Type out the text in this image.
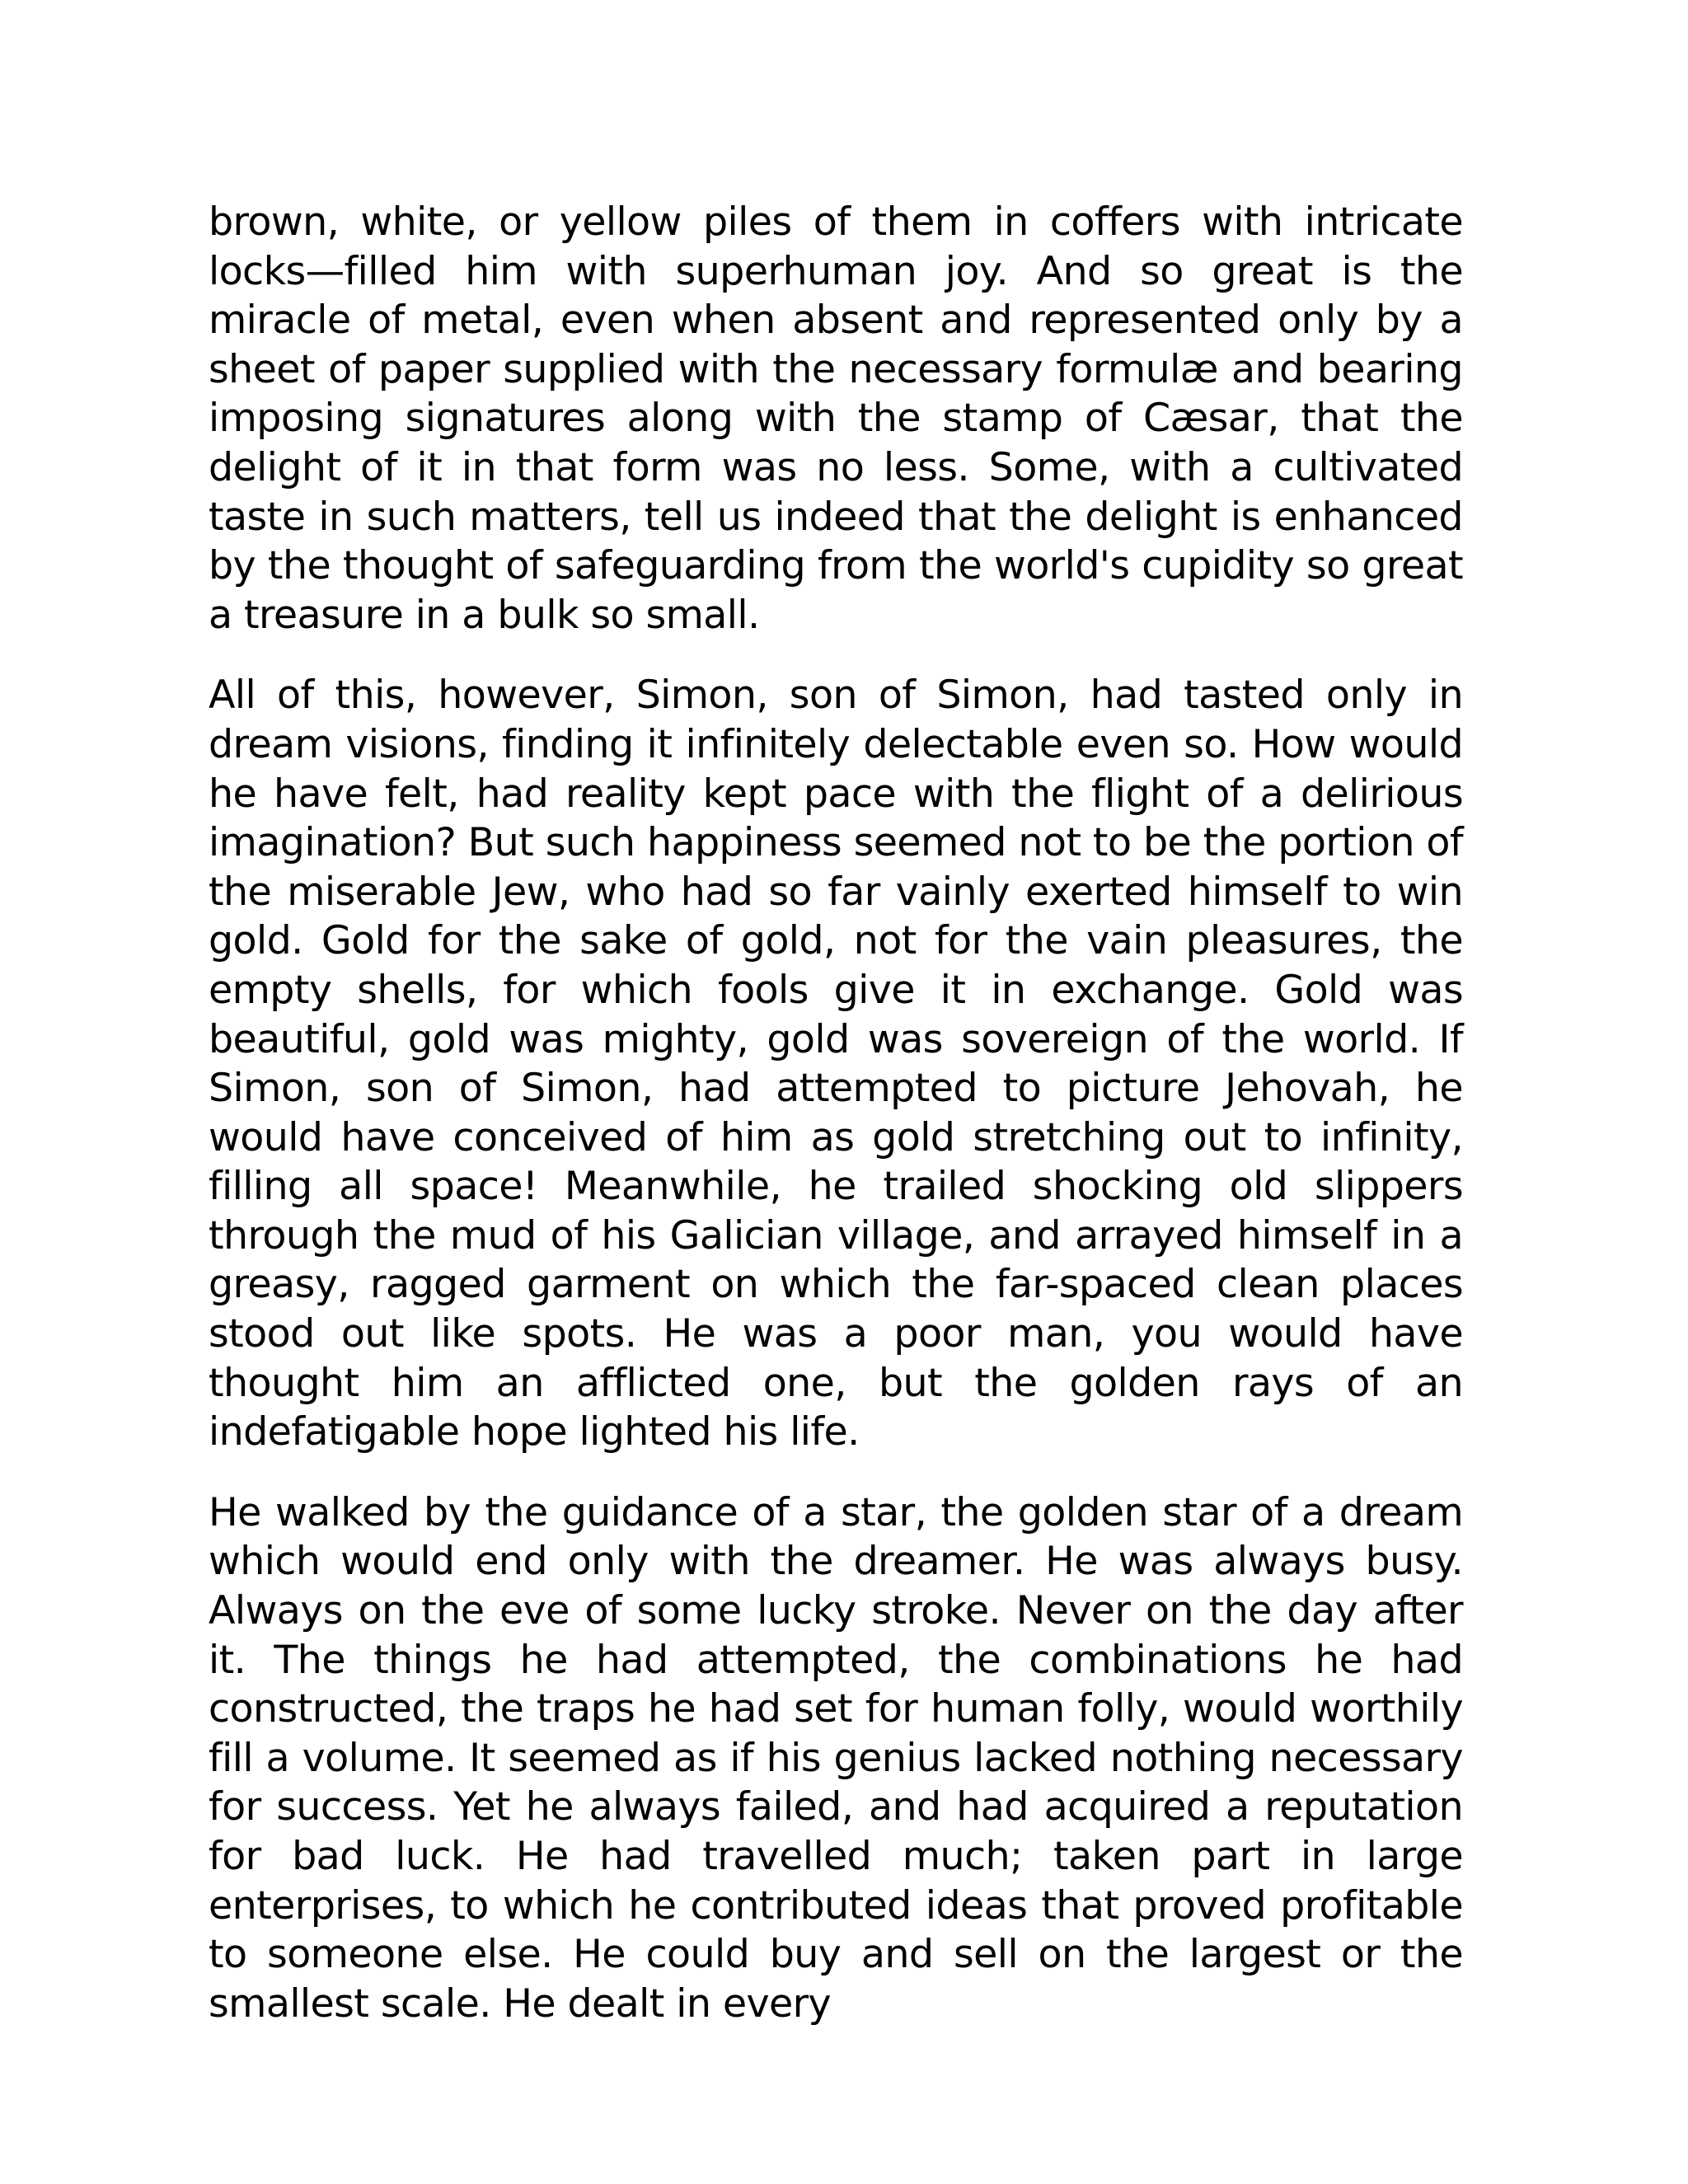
brown, white, or yellow piles of them in coffers with intricate locks—filled him with superhuman joy. And so great is the miracle of metal, even when absent and represented only by a sheet of paper supplied with the necessary formulæ and bearing imposing signatures along with the stamp of Cæsar, that the delight of it in that form was no less. Some, with a cultivated taste in such matters, tell us indeed that the delight is enhanced by the thought of safeguarding from the world's cupidity so great a treasure in a bulk so small.

All of this, however, Simon, son of Simon, had tasted only in dream visions, finding it infinitely delectable even so. How would he have felt, had reality kept pace with the flight of a delirious imagination? But such happiness seemed not to be the portion of the miserable Jew, who had so far vainly exerted himself to win gold. Gold for the sake of gold, not for the vain pleasures, the empty shells, for which fools give it in exchange. Gold was beautiful, gold was mighty, gold was sovereign of the world. If Simon, son of Simon, had attempted to picture Jehovah, he would have conceived of him as gold stretching out to infinity, filling all space! Meanwhile, he trailed shocking old slippers through the mud of his Galician village, and arrayed himself in a greasy, ragged garment on which the far-spaced clean places stood out like spots. He was a poor man, you would have thought him an afflicted one, but the golden rays of an indefatigable hope lighted his life.

He walked by the guidance of a star, the golden star of a dream which would end only with the dreamer. He was always busy. Always on the eve of some lucky stroke. Never on the day after it. The things he had attempted, the combinations he had constructed, the traps he had set for human folly, would worthily fill a volume. It seemed as if his genius lacked nothing necessary for success. Yet he always failed, and had acquired a reputation for bad luck. He had travelled much; taken part in large enterprises, to which he contributed ideas that proved profitable to someone else. He could buy and sell on the largest or the smallest scale. He dealt in every
